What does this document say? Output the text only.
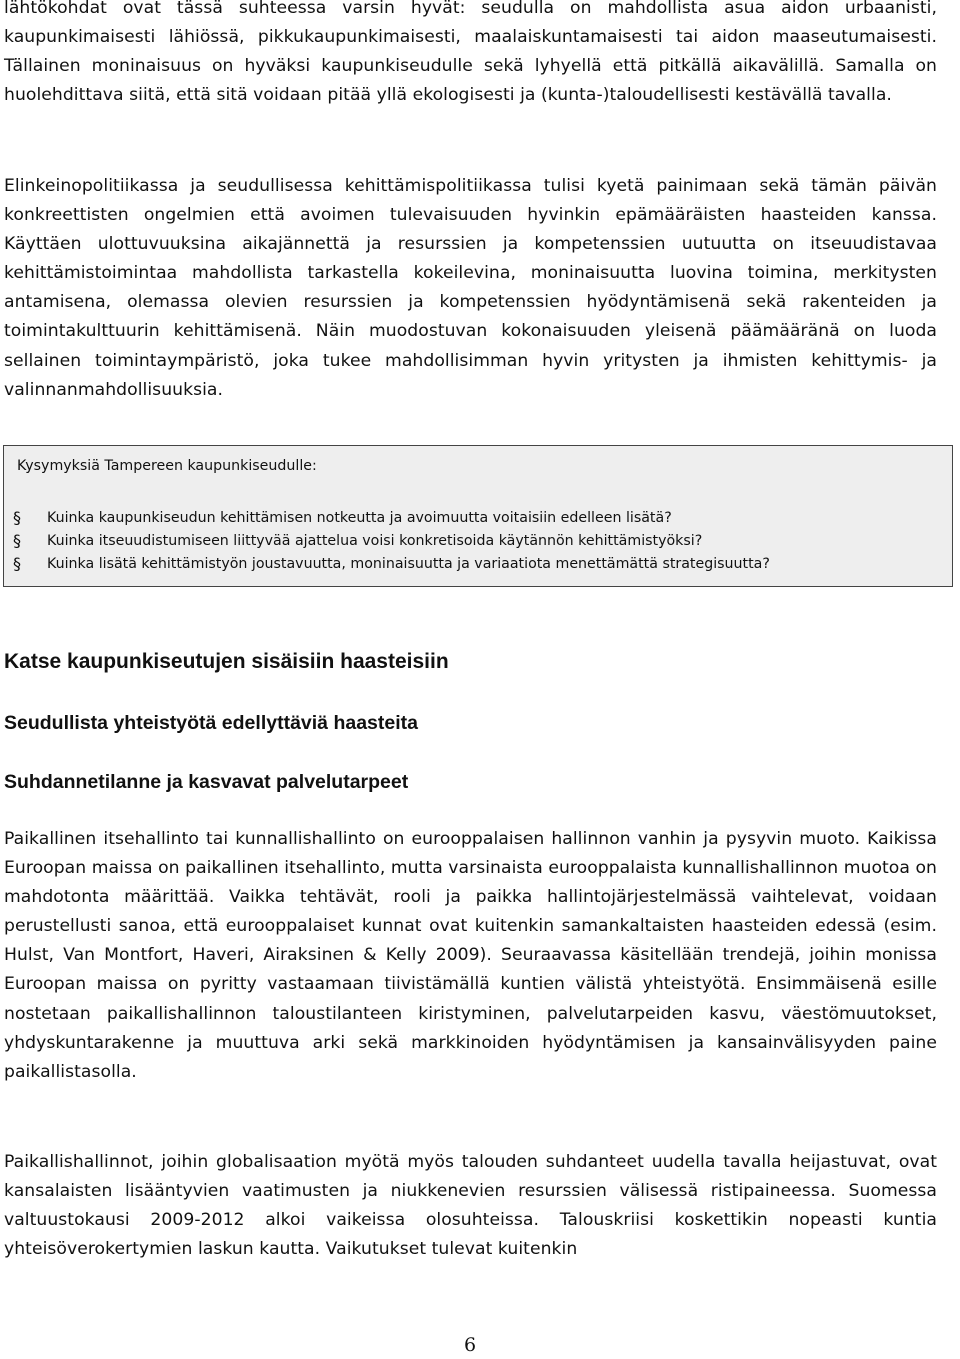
lähtökohdat ovat tässä suhteessa varsin hyvät: seudulla on mahdollista asua aidon urbaanisti, kaupunkimaisesti lähiössä, pikkukaupunkimaisesti, maalaiskuntamaisesti tai aidon maaseutumaisesti. Tällainen moninaisuus on hyväksi kaupunkiseudulle sekä lyhyellä että pitkällä aikavälillä. Samalla on huolehdittava siitä, että sitä voidaan pitää yllä ekologisesti ja (kunta-)taloudellisesti kestävällä tavalla.

Elinkeinopolitiikassa ja seudullisessa kehittämispolitiikassa tulisi kyetä painimaan sekä tämän päivän konkreettisten ongelmien että avoimen tulevaisuuden hyvinkin epämääräisten haasteiden kanssa. Käyttäen ulottuvuuksina aikajännettä ja resurssien ja kompetenssien uutuutta on itseuudistavaa kehittämistoimintaa mahdollista tarkastella kokeilevina, moninaisuutta luovina toimina, merkitysten antamisena, olemassa olevien resurssien ja kompetenssien hyödyntämisenä sekä rakenteiden ja toimintakulttuurin kehittämisenä. Näin muodostuvan kokonaisuuden yleisenä päämääränä on luoda sellainen toimintaympäristö, joka tukee mahdollisimman hyvin yritysten ja ihmisten kehittymis- ja valinnanmahdollisuuksia.

Kysymyksiä Tampereen kaupunkiseudulle:

§	Kuinka kaupunkiseudun kehittämisen notkeutta ja avoimuutta voitaisiin edelleen lisätä?
§	Kuinka itseuudistumiseen liittyvää ajattelua voisi konkretisoida käytännön kehittämistyöksi?
§	Kuinka lisätä kehittämistyön joustavuutta, moninaisuutta ja variaatiota menettämättä strategisuutta?
Katse kaupunkiseutujen sisäisiin haasteisiin
Seudullista yhteistyötä edellyttäviä haasteita
Suhdannetilanne ja kasvavat palvelutarpeet

Paikallinen itsehallinto tai kunnallishallinto on eurooppalaisen hallinnon vanhin ja pysyvin muoto. Kaikissa Euroopan maissa on paikallinen itsehallinto, mutta varsinaista eurooppalaista kunnallishallinnon muotoa on mahdotonta määrittää. Vaikka tehtävät, rooli ja paikka hallintojärjestelmässä vaihtelevat, voidaan perustellusti sanoa, että eurooppalaiset kunnat ovat kuitenkin samankaltaisten haasteiden edessä (esim. Hulst, Van Montfort, Haveri, Airaksinen & Kelly 2009). Seuraavassa käsitellään trendejä, joihin monissa Euroopan maissa on pyritty vastaamaan tiivistämällä kuntien välistä yhteistyötä. Ensimmäisenä esille nostetaan paikallishallinnon taloustilanteen kiristyminen, palvelutarpeiden kasvu, väestömuutokset, yhdyskuntarakenne ja muuttuva arki sekä markkinoiden hyödyntämisen ja kansainvälisyyden paine paikallistasolla.

Paikallishallinnot, joihin globalisaation myötä myös talouden suhdanteet uudella tavalla heijastuvat, ovat kansalaisten lisääntyvien vaatimusten ja niukkenevien resurssien välisessä ristipaineessa. Suomessa valtuustokausi 2009-2012 alkoi vaikeissa olosuhteissa. Talouskriisi koskettikin nopeasti kuntia yhteisöverokertymien laskun kautta. Vaikutukset tulevat kuitenkin

6
